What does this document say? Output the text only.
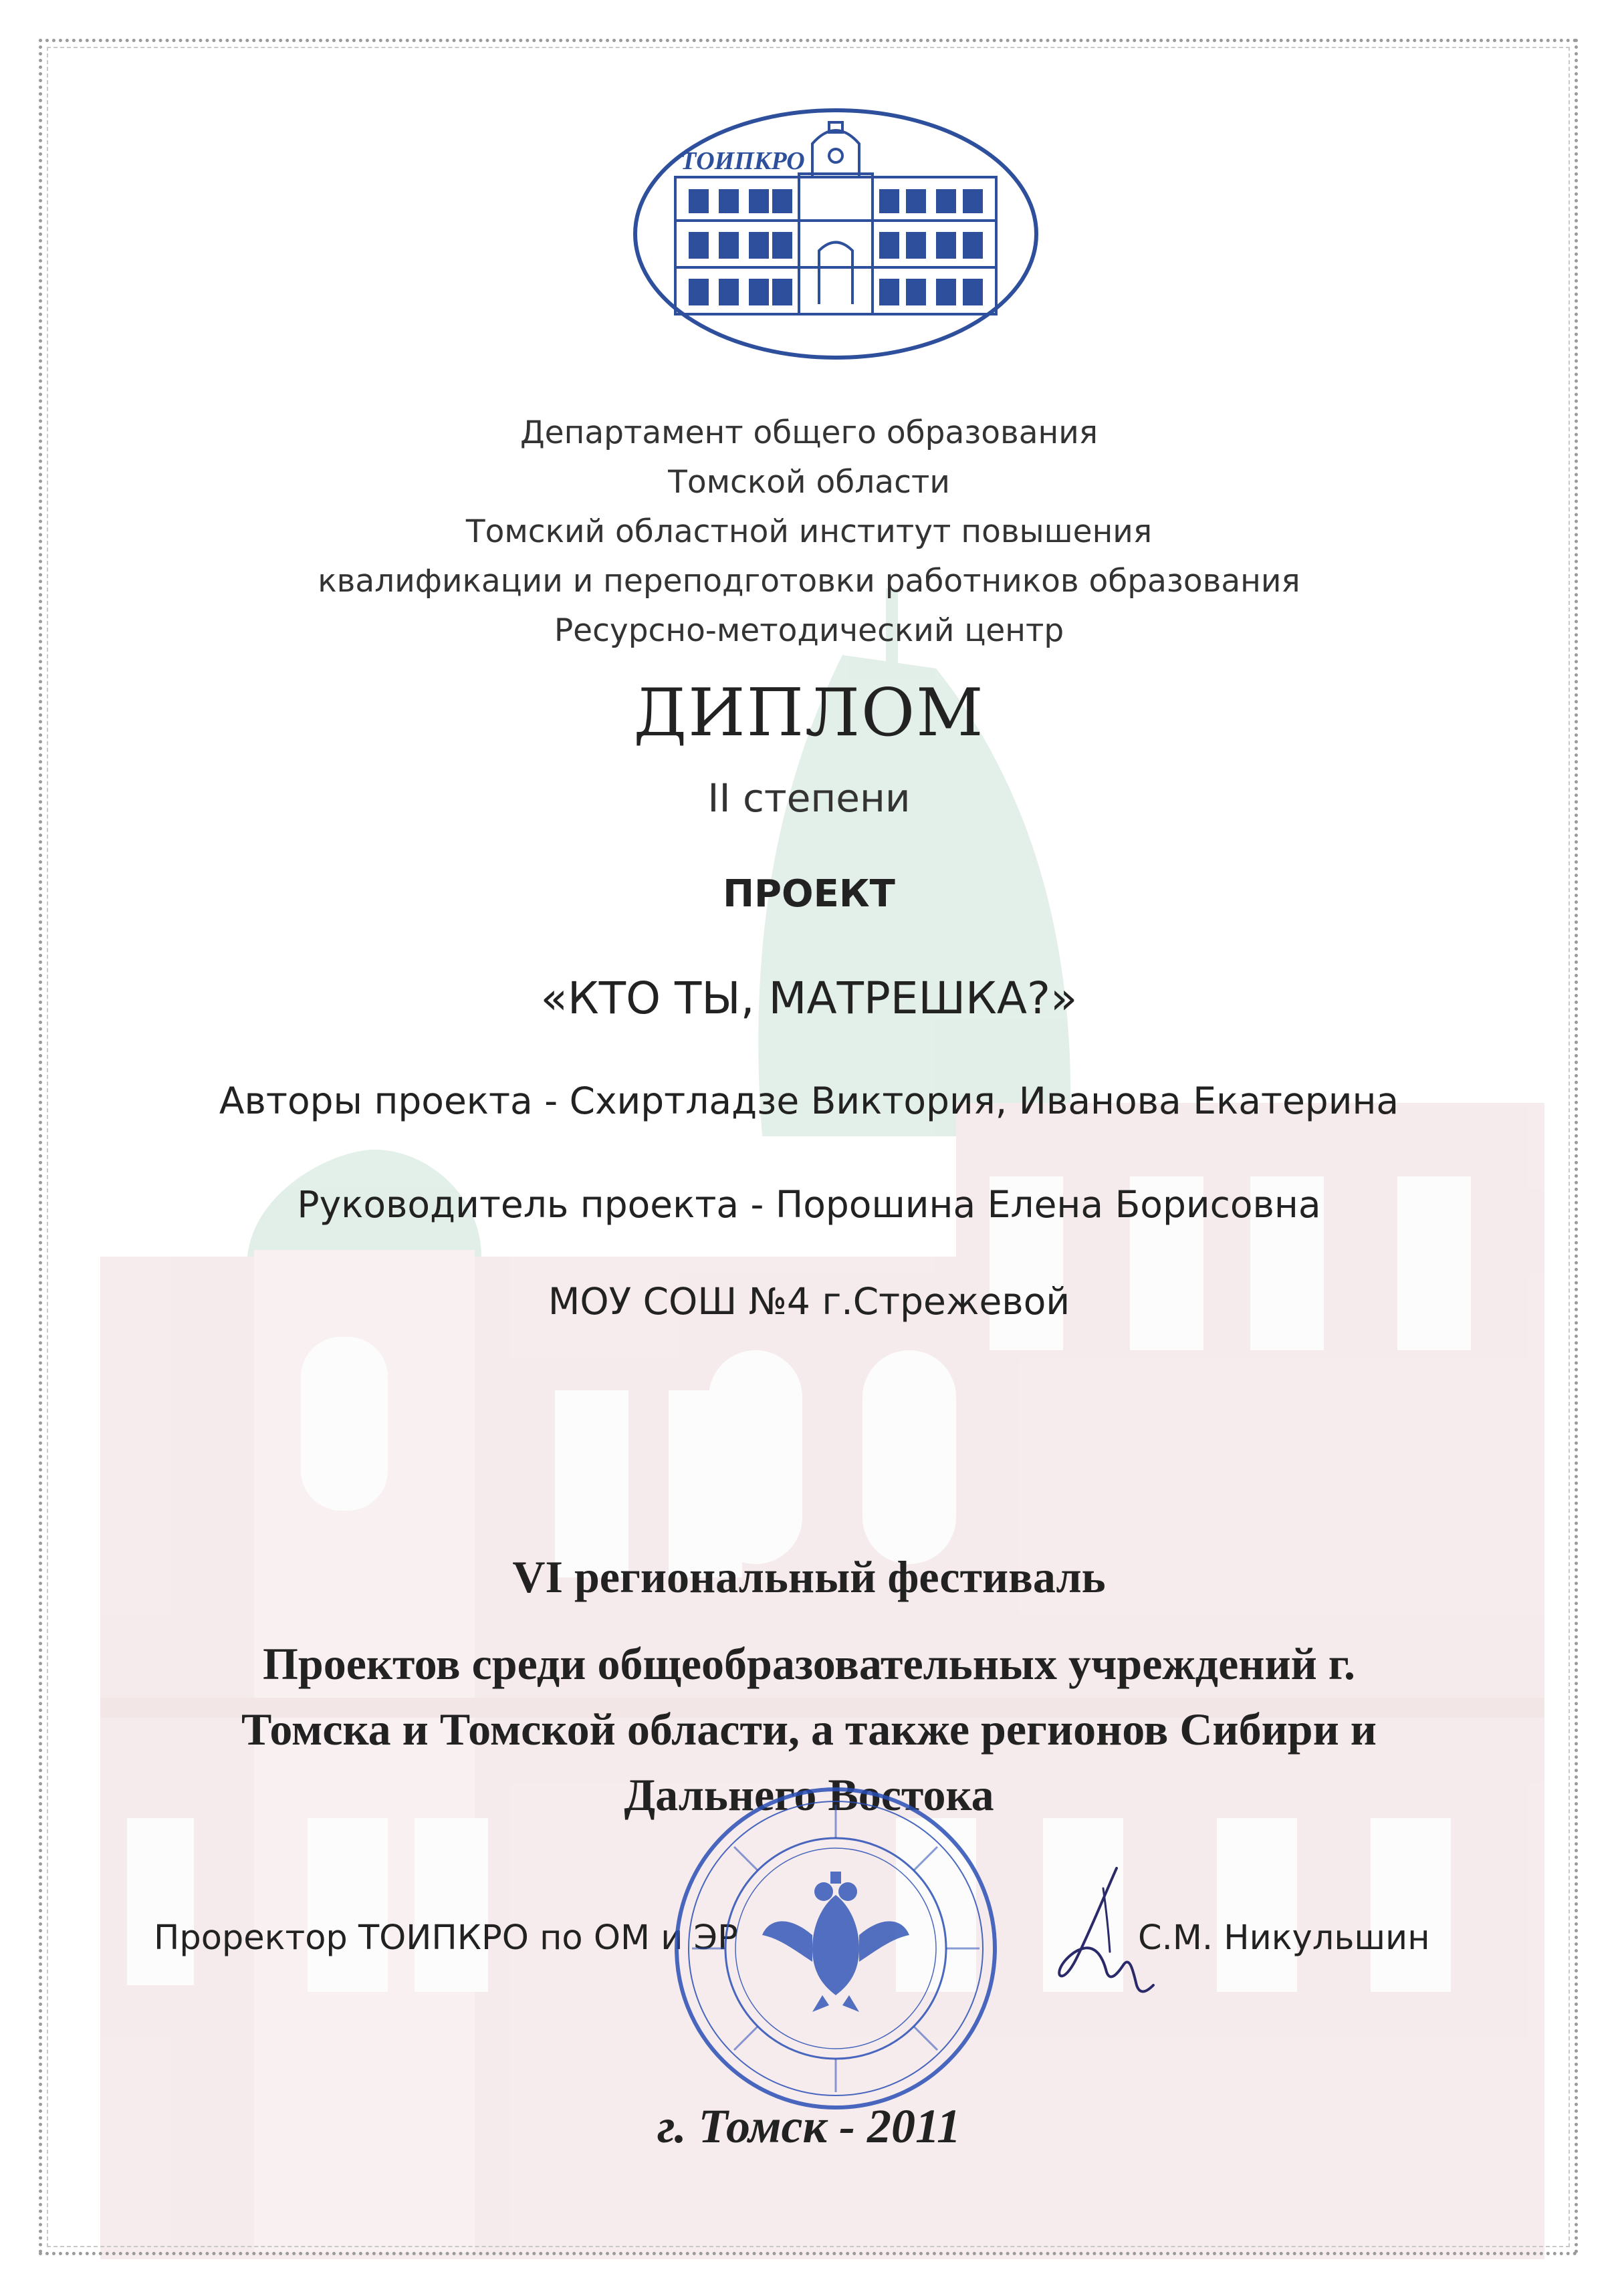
ТОИПКРО
Департамент общего образования
Томской области
Томский областной институт повышения
квалификации и переподготовки работников образования
Ресурсно-методический центр
ДИПЛОМ
II степени
ПРОЕКТ
«КТО ТЫ, МАТРЕШКА?»
Авторы проекта - Схиртладзе Виктория, Иванова Екатерина
Руководитель проекта - Порошина Елена Борисовна
МОУ СОШ №4 г.Стрежевой
VI региональный фестиваль
Проектов среди общеобразовательных учреждений г. Томска и Томской области, а также регионов Сибири и Дальнего Востока
Проректор ТОИПКРО по ОМ и ЭР	С.М. Никульшин
г. Томск - 2011
